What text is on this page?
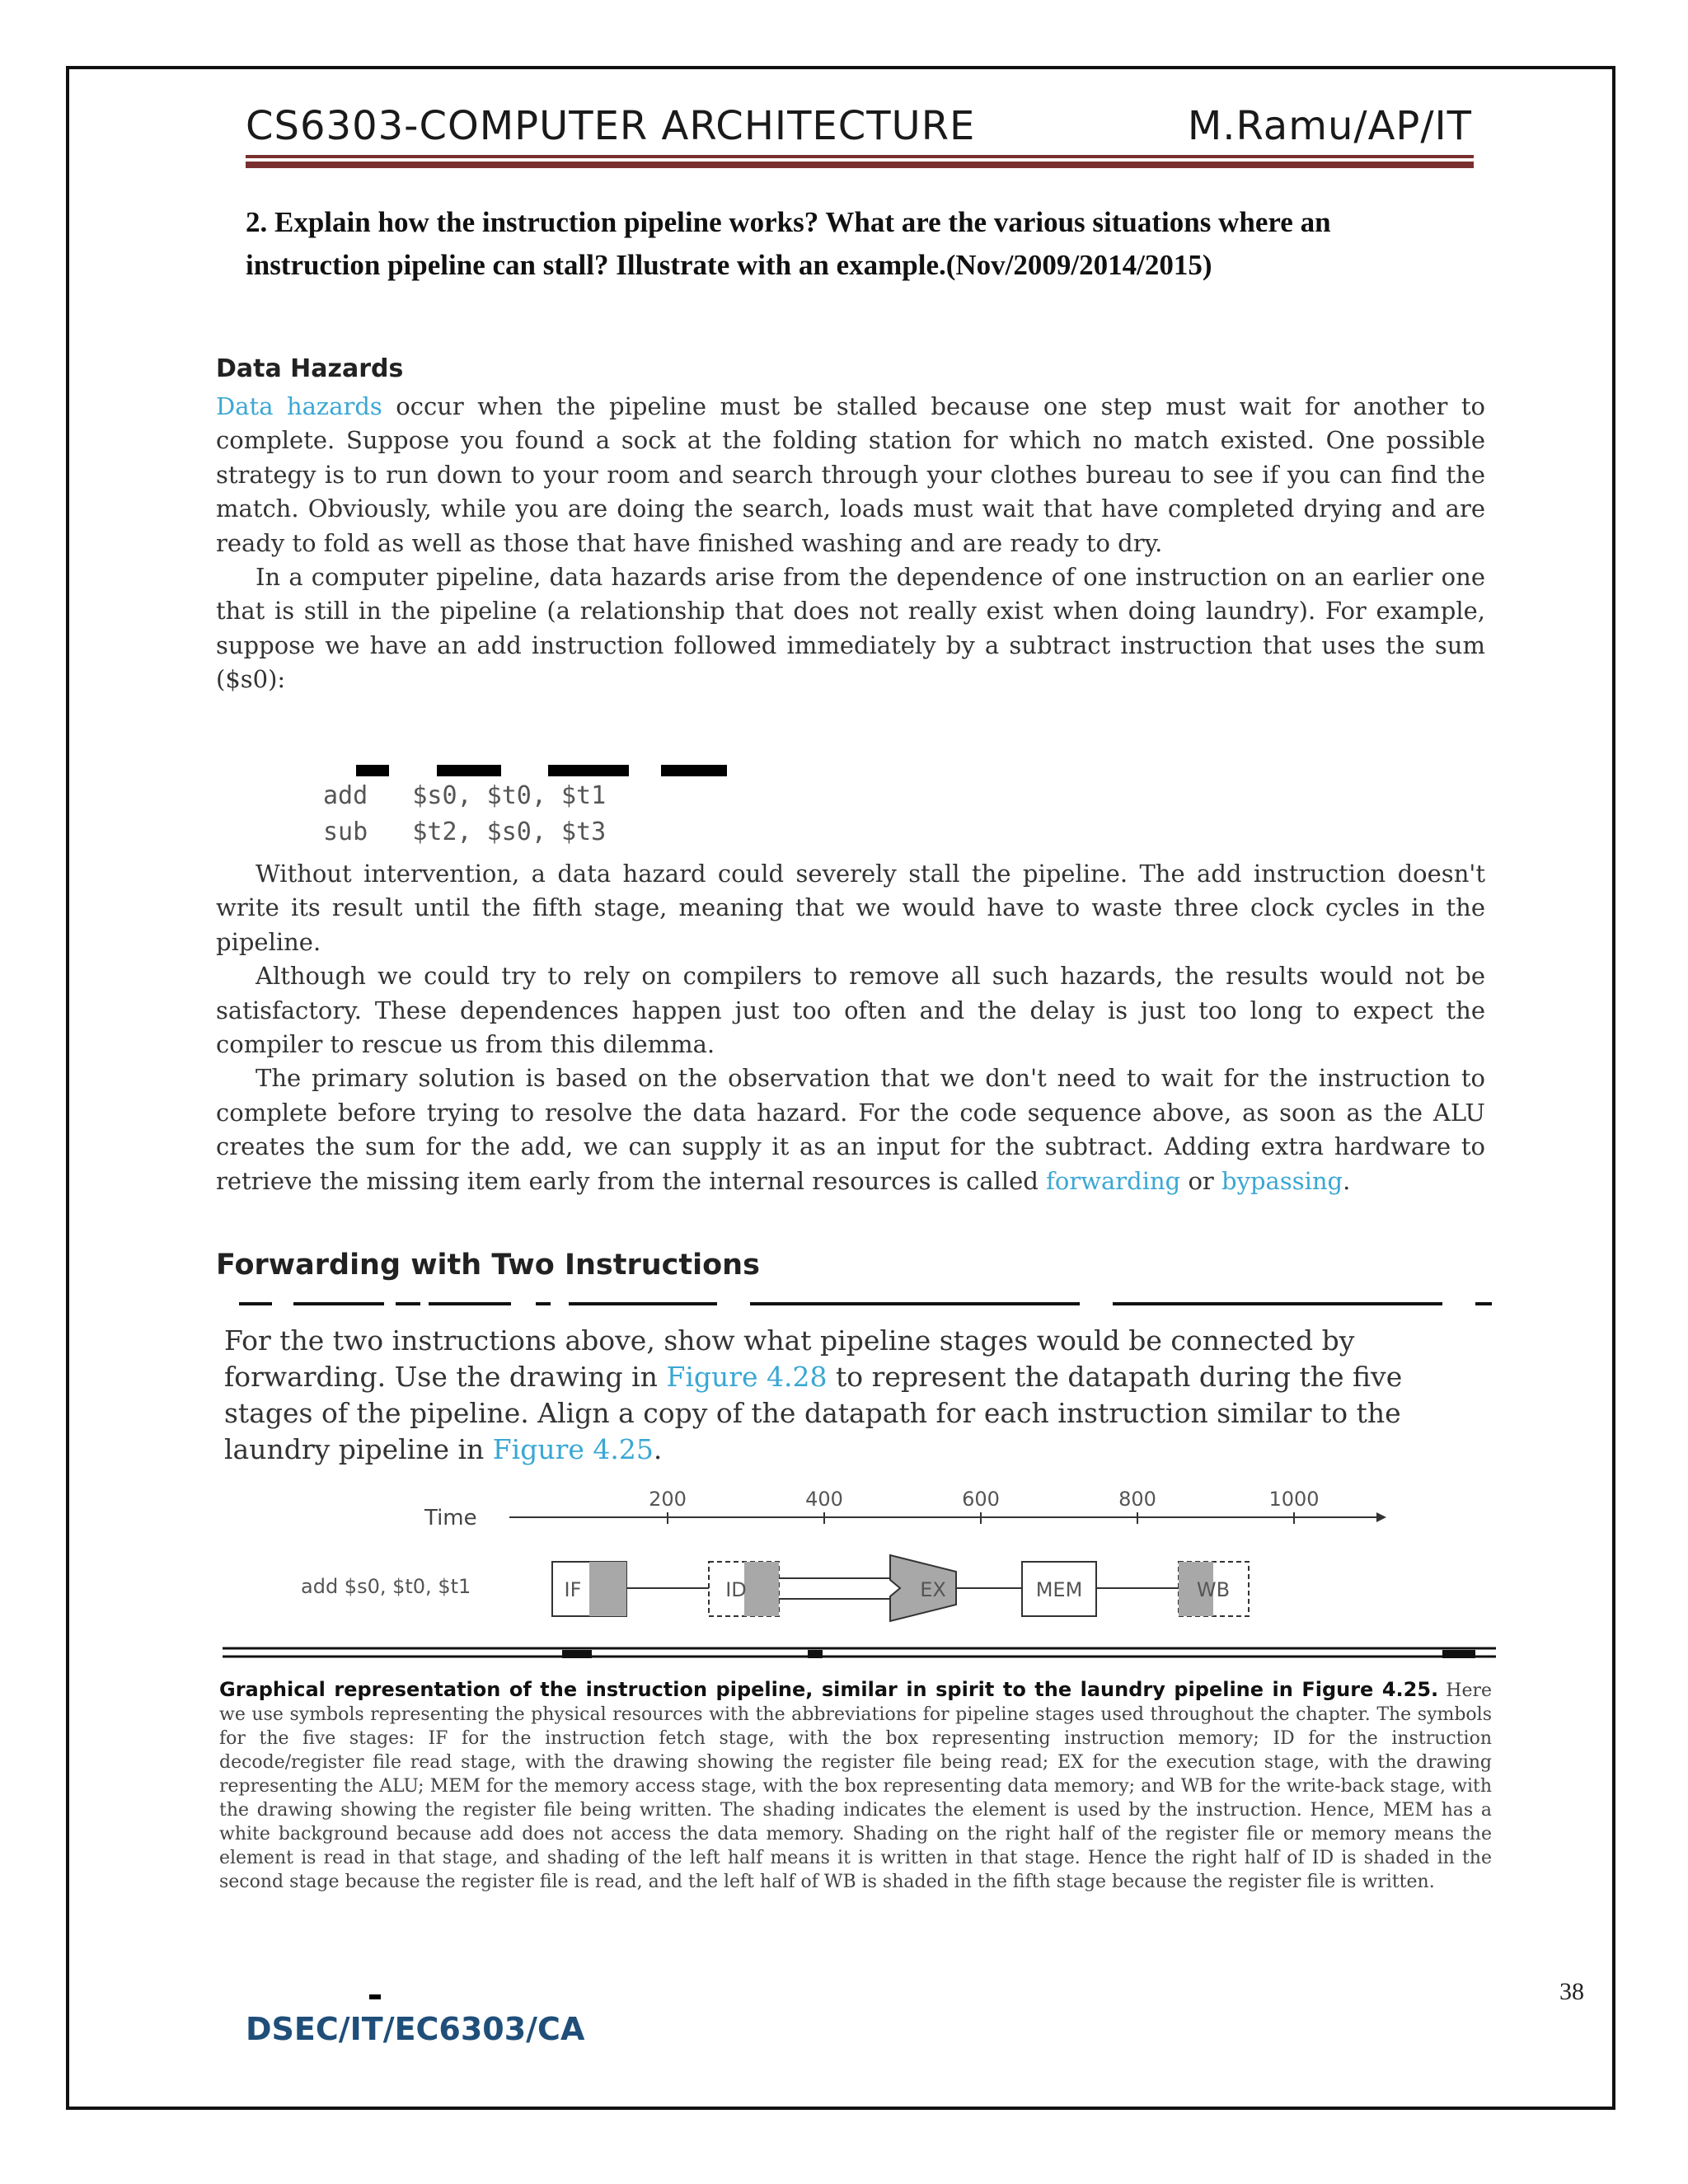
CS6303-COMPUTER ARCHITECTURE	M.Ramu/AP/IT
2. Explain how the instruction pipeline works? What are the various situations where an instruction pipeline can stall? Illustrate with an example.(Nov/2009/2014/2015)
Data Hazards

Data hazards occur when the pipeline must be stalled because one step must wait for another to complete. Suppose you found a sock at the folding station for which no match existed. One possible strategy is to run down to your room and search through your clothes bureau to see if you can find the match. Obviously, while you are doing the search, loads must wait that have completed drying and are ready to fold as well as those that have finished washing and are ready to dry.

In a computer pipeline, data hazards arise from the dependence of one instruction on an earlier one that is still in the pipeline (a relationship that does not really exist when doing laundry). For example, suppose we have an add instruction followed immediately by a subtract instruction that uses the sum ($s0):

add   $s0, $t0, $t1
sub   $t2, $s0, $t3

Without intervention, a data hazard could severely stall the pipeline. The add instruction doesn't write its result until the fifth stage, meaning that we would have to waste three clock cycles in the pipeline.

Although we could try to rely on compilers to remove all such hazards, the results would not be satisfactory. These dependences happen just too often and the delay is just too long to expect the compiler to rescue us from this dilemma.

The primary solution is based on the observation that we don't need to wait for the instruction to complete before trying to resolve the data hazard. For the code sequence above, as soon as the ALU creates the sum for the add, we can supply it as an input for the subtract. Adding extra hardware to retrieve the missing item early from the internal resources is called forwarding or bypassing.

Forwarding with Two Instructions

For the two instructions above, show what pipeline stages would be connected by forwarding. Use the drawing in Figure 4.28 to represent the datapath during the five stages of the pipeline. Align a copy of the datapath for each instruction similar to the laundry pipeline in Figure 4.25.

Time
200	400	600	800	1000
add $s0, $t0, $t1	IF	ID	EX	MEM	WB

Graphical representation of the instruction pipeline, similar in spirit to the laundry pipeline in Figure 4.25. Here we use symbols representing the physical resources with the abbreviations for pipeline stages used throughout the chapter. The symbols for the five stages: IF for the instruction fetch stage, with the box representing instruction memory; ID for the instruction decode/register file read stage, with the drawing showing the register file being read; EX for the execution stage, with the drawing representing the ALU; MEM for the memory access stage, with the box representing data memory; and WB for the write-back stage, with the drawing showing the register file being written. The shading indicates the element is used by the instruction. Hence, MEM has a white background because add does not access the data memory. Shading on the right half of the register file or memory means the element is read in that stage, and shading of the left half means it is written in that stage. Hence the right half of ID is shaded in the second stage because the register file is read, and the left half of WB is shaded in the fifth stage because the register file is written.

38
DSEC/IT/EC6303/CA
